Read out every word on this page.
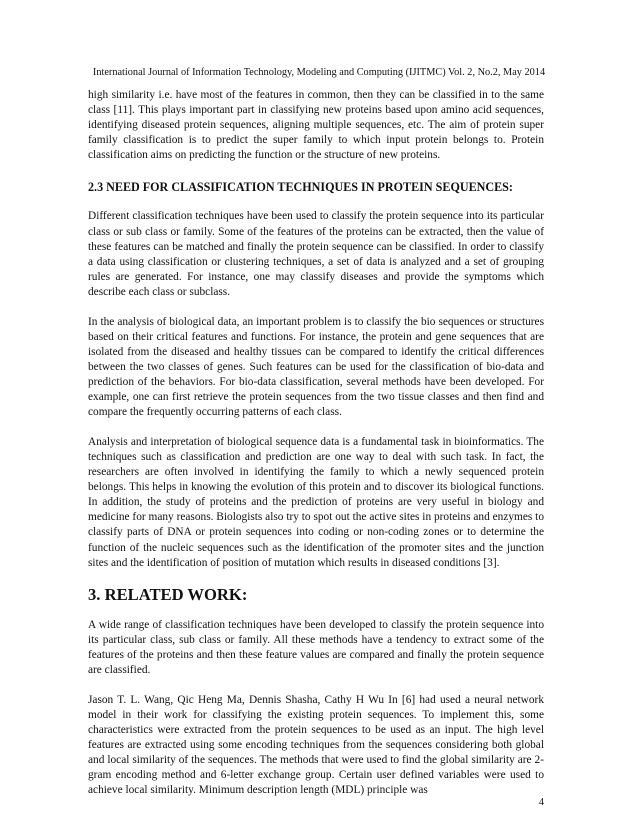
International Journal of Information Technology, Modeling and Computing (IJITMC) Vol. 2, No.2, May 2014

high similarity i.e. have most of the features in common, then they can be classified in to the same class [11]. This plays important part in classifying new proteins based upon amino acid sequences, identifying diseased protein sequences, aligning multiple sequences, etc. The aim of protein super family classification is to predict the super family to which input protein belongs to. Protein classification aims on predicting the function or the structure of new proteins.

2.3 NEED FOR CLASSIFICATION TECHNIQUES IN PROTEIN SEQUENCES:

Different classification techniques have been used to classify the protein sequence into its particular class or sub class or family. Some of the features of the proteins can be extracted, then the value of these features can be matched and finally the protein sequence can be classified. In order to classify a data using classification or clustering techniques, a set of data is analyzed and a set of grouping rules are generated. For instance, one may classify diseases and provide the symptoms which describe each class or subclass.

In the analysis of biological data, an important problem is to classify the bio sequences or structures based on their critical features and functions. For instance, the protein and gene sequences that are isolated from the diseased and healthy tissues can be compared to identify the critical differences between the two classes of genes. Such features can be used for the classification of bio-data and prediction of the behaviors. For bio-data classification, several methods have been developed. For example, one can first retrieve the protein sequences from the two tissue classes and then find and compare the frequently occurring patterns of each class.

Analysis and interpretation of biological sequence data is a fundamental task in bioinformatics. The techniques such as classification and prediction are one way to deal with such task. In fact, the researchers are often involved in identifying the family to which a newly sequenced protein belongs. This helps in knowing the evolution of this protein and to discover its biological functions. In addition, the study of proteins and the prediction of proteins are very useful in biology and medicine for many reasons. Biologists also try to spot out the active sites in proteins and enzymes to classify parts of DNA or protein sequences into coding or non-coding zones or to determine the function of the nucleic sequences such as the identification of the promoter sites and the junction sites and the identification of position of mutation which results in diseased conditions [3].

3. RELATED WORK:

A wide range of classification techniques have been developed to classify the protein sequence into its particular class, sub class or family. All these methods have a tendency to extract some of the features of the proteins and then these feature values are compared and finally the protein sequence are classified.

Jason T. L. Wang, Qic Heng Ma, Dennis Shasha, Cathy H Wu In [6] had used a neural network model in their work for classifying the existing protein sequences. To implement this, some characteristics were extracted from the protein sequences to be used as an input. The high level features are extracted using some encoding techniques from the sequences considering both global and local similarity of the sequences. The methods that were used to find the global similarity are 2-gram encoding method and 6-letter exchange group. Certain user defined variables were used to achieve local similarity. Minimum description length (MDL) principle was

4
